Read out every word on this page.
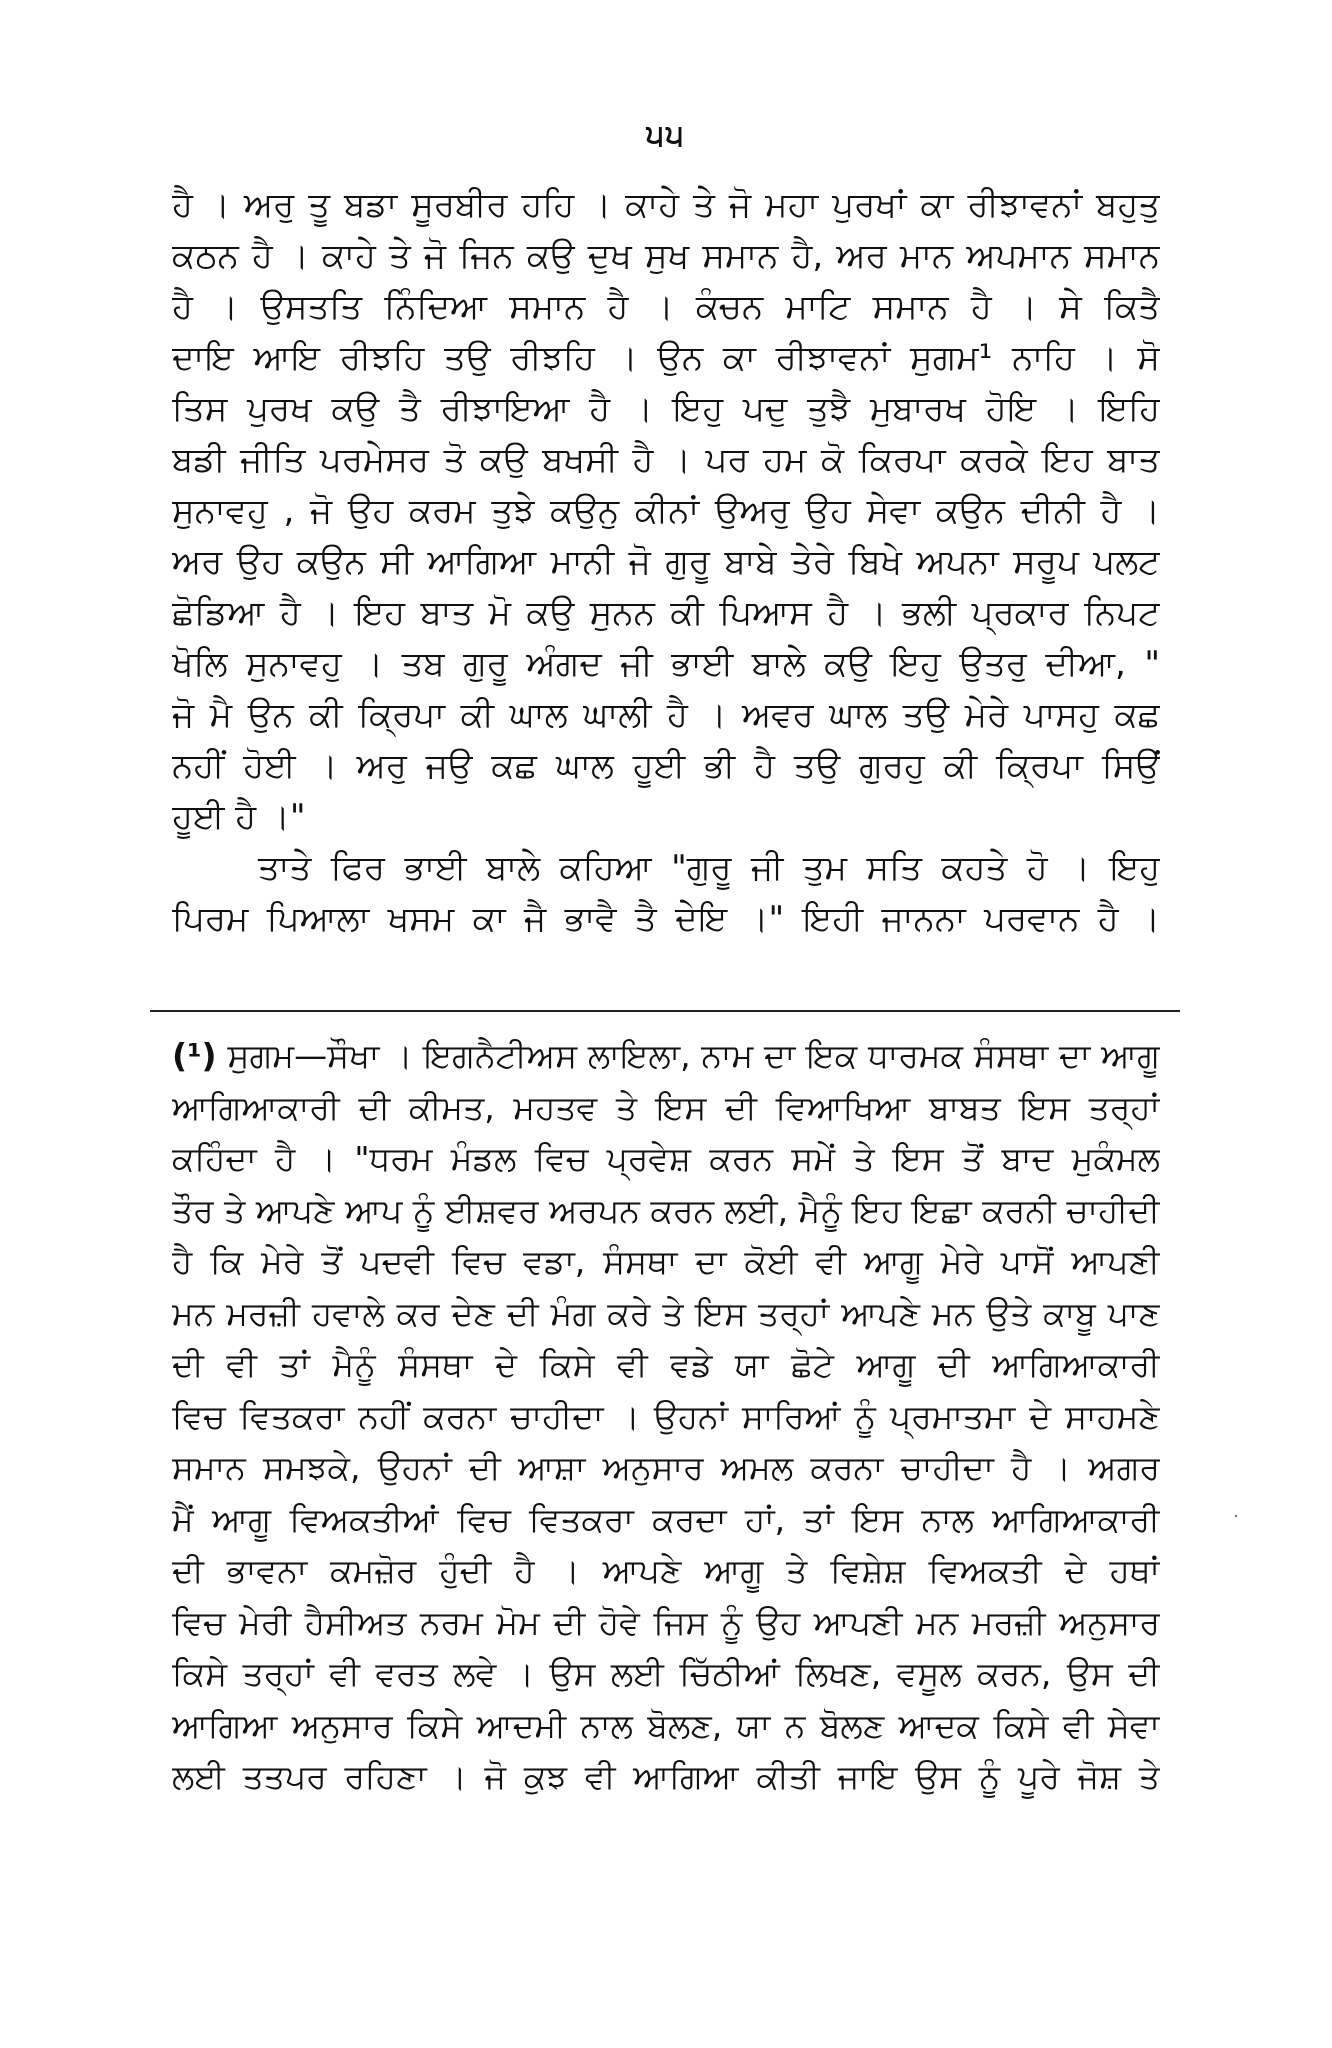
੫੫
ਹੈ । ਅਰੁ ਤੂ ਬਡਾ ਸੂਰਬੀਰ ਹਹਿ । ਕਾਹੇ ਤੇ ਜੋ ਮਹਾ ਪੁਰਖਾਂ ਕਾ ਰੀਝਾਵਨਾਂ ਬਹੁਤੁ
ਕਠਨ ਹੈ । ਕਾਹੇ ਤੇ ਜੋ ਜਿਨ ਕਉ ਦੁਖ ਸੁਖ ਸਮਾਨ ਹੈ, ਅਰ ਮਾਨ ਅਪਮਾਨ ਸਮਾਨ
ਹੈ । ਉਸਤਤਿ ਨਿੰਦਿਆ ਸਮਾਨ ਹੈ । ਕੰਚਨ ਮਾਟਿ ਸਮਾਨ ਹੈ । ਸੇ ਕਿਤੈ
ਦਾਇ ਆਇ ਰੀਝਹਿ ਤਉ ਰੀਝਹਿ । ਉਨ ਕਾ ਰੀਝਾਵਨਾਂ ਸੁਗਮ¹ ਨਾਹਿ । ਸੋ
ਤਿਸ ਪੁਰਖ ਕਉ ਤੈ ਰੀਝਾਇਆ ਹੈ । ਇਹੁ ਪਦੁ ਤੁਝੈ ਮੁਬਾਰਖ ਹੋਇ । ਇਹਿ
ਬਡੀ ਜੀਤਿ ਪਰਮੇਸਰ ਤੋ ਕਉ ਬਖਸੀ ਹੈ । ਪਰ ਹਮ ਕੋ ਕਿਰਪਾ ਕਰਕੇ ਇਹ ਬਾਤ
ਸੁਨਾਵਹੁ , ਜੋ ਉਹ ਕਰਮ ਤੁਝੇ ਕਉਨੁ ਕੀਨਾਂ ਉਅਰੁ ਉਹ ਸੇਵਾ ਕਉਨ ਦੀਨੀ ਹੈ ।
ਅਰ ਉਹ ਕਉਨ ਸੀ ਆਗਿਆ ਮਾਨੀ ਜੋ ਗੁਰੂ ਬਾਬੇ ਤੇਰੇ ਬਿਖੇ ਅਪਨਾ ਸਰੂਪ ਪਲਟ
ਛੋਡਿਆ ਹੈ । ਇਹ ਬਾਤ ਮੋ ਕਉ ਸੁਨਨ ਕੀ ਪਿਆਸ ਹੈ । ਭਲੀ ਪ੍ਰਕਾਰ ਨਿਪਟ
ਖੋਲਿ ਸੁਨਾਵਹੁ । ਤਬ ਗੁਰੂ ਅੰਗਦ ਜੀ ਭਾਈ ਬਾਲੇ ਕਉ ਇਹੁ ਉਤਰੁ ਦੀਆ, "
ਜੋ ਮੈ ਉਨ ਕੀ ਕ੍ਰਿਪਾ ਕੀ ਘਾਲ ਘਾਲੀ ਹੈ । ਅਵਰ ਘਾਲ ਤਉ ਮੇਰੇ ਪਾਸਹੁ ਕਛ
ਨਹੀਂ ਹੋਈ । ਅਰੁ ਜਉ ਕਛ ਘਾਲ ਹੂਈ ਭੀ ਹੈ ਤਉ ਗੁਰਹੁ ਕੀ ਕ੍ਰਿਪਾ ਸਿਉਂ
ਹੂਈ ਹੈ ।"
ਤਾਤੇ ਫਿਰ ਭਾਈ ਬਾਲੇ ਕਹਿਆ "ਗੁਰੂ ਜੀ ਤੁਮ ਸਤਿ ਕਹਤੇ ਹੋ । ਇਹੁ
ਪਿਰਮ ਪਿਆਲਾ ਖਸਮ ਕਾ ਜੈ ਭਾਵੈ ਤੈ ਦੇਇ ।" ਇਹੀ ਜਾਨਨਾ ਪਰਵਾਨ ਹੈ ।
(¹) ਸੁਗਮ—ਸੌਖਾ । ਇਗਨੈਟੀਅਸ ਲਾਇਲਾ, ਨਾਮ ਦਾ ਇਕ ਧਾਰਮਕ ਸੰਸਥਾ ਦਾ ਆਗੂ
ਆਗਿਆਕਾਰੀ ਦੀ ਕੀਮਤ, ਮਹਤਵ ਤੇ ਇਸ ਦੀ ਵਿਆਖਿਆ ਬਾਬਤ ਇਸ ਤਰ੍ਹਾਂ
ਕਹਿੰਦਾ ਹੈ । "ਧਰਮ ਮੰਡਲ ਵਿਚ ਪ੍ਰਵੇਸ਼ ਕਰਨ ਸਮੇਂ ਤੇ ਇਸ ਤੋਂ ਬਾਦ ਮੁਕੰਮਲ
ਤੌਰ ਤੇ ਆਪਣੇ ਆਪ ਨੂੰ ਈਸ਼ਵਰ ਅਰਪਨ ਕਰਨ ਲਈ, ਮੈਨੂੰ ਇਹ ਇਛਾ ਕਰਨੀ ਚਾਹੀਦੀ
ਹੈ ਕਿ ਮੇਰੇ ਤੋਂ ਪਦਵੀ ਵਿਚ ਵਡਾ, ਸੰਸਥਾ ਦਾ ਕੋਈ ਵੀ ਆਗੂ ਮੇਰੇ ਪਾਸੋਂ ਆਪਣੀ
ਮਨ ਮਰਜ਼ੀ ਹਵਾਲੇ ਕਰ ਦੇਣ ਦੀ ਮੰਗ ਕਰੇ ਤੇ ਇਸ ਤਰ੍ਹਾਂ ਆਪਣੇ ਮਨ ਉਤੇ ਕਾਬੂ ਪਾਣ
ਦੀ ਵੀ ਤਾਂ ਮੈਨੂੰ ਸੰਸਥਾ ਦੇ ਕਿਸੇ ਵੀ ਵਡੇ ਯਾ ਛੋਟੇ ਆਗੂ ਦੀ ਆਗਿਆਕਾਰੀ
ਵਿਚ ਵਿਤਕਰਾ ਨਹੀਂ ਕਰਨਾ ਚਾਹੀਦਾ । ਉਹਨਾਂ ਸਾਰਿਆਂ ਨੂੰ ਪ੍ਰਮਾਤਮਾ ਦੇ ਸਾਹਮਣੇ
ਸਮਾਨ ਸਮਝਕੇ, ਉਹਨਾਂ ਦੀ ਆਸ਼ਾ ਅਨੁਸਾਰ ਅਮਲ ਕਰਨਾ ਚਾਹੀਦਾ ਹੈ । ਅਗਰ
ਮੈਂ ਆਗੂ ਵਿਅਕਤੀਆਂ ਵਿਚ ਵਿਤਕਰਾ ਕਰਦਾ ਹਾਂ, ਤਾਂ ਇਸ ਨਾਲ ਆਗਿਆਕਾਰੀ
ਦੀ ਭਾਵਨਾ ਕਮਜ਼ੋਰ ਹੁੰਦੀ ਹੈ । ਆਪਣੇ ਆਗੂ ਤੇ ਵਿਸ਼ੇਸ਼ ਵਿਅਕਤੀ ਦੇ ਹਥਾਂ
ਵਿਚ ਮੇਰੀ ਹੈਸੀਅਤ ਨਰਮ ਮੋਮ ਦੀ ਹੋਵੇ ਜਿਸ ਨੂੰ ਉਹ ਆਪਣੀ ਮਨ ਮਰਜ਼ੀ ਅਨੁਸਾਰ
ਕਿਸੇ ਤਰ੍ਹਾਂ ਵੀ ਵਰਤ ਲਵੇ । ਉਸ ਲਈ ਚਿੱਠੀਆਂ ਲਿਖਣ, ਵਸੂਲ ਕਰਨ, ਉਸ ਦੀ
ਆਗਿਆ ਅਨੁਸਾਰ ਕਿਸੇ ਆਦਮੀ ਨਾਲ ਬੋਲਣ, ਯਾ ਨ ਬੋਲਣ ਆਦਕ ਕਿਸੇ ਵੀ ਸੇਵਾ
ਲਈ ਤਤਪਰ ਰਹਿਣਾ । ਜੋ ਕੁਝ ਵੀ ਆਗਿਆ ਕੀਤੀ ਜਾਇ ਉਸ ਨੂੰ ਪੂਰੇ ਜੋਸ਼ ਤੇ
